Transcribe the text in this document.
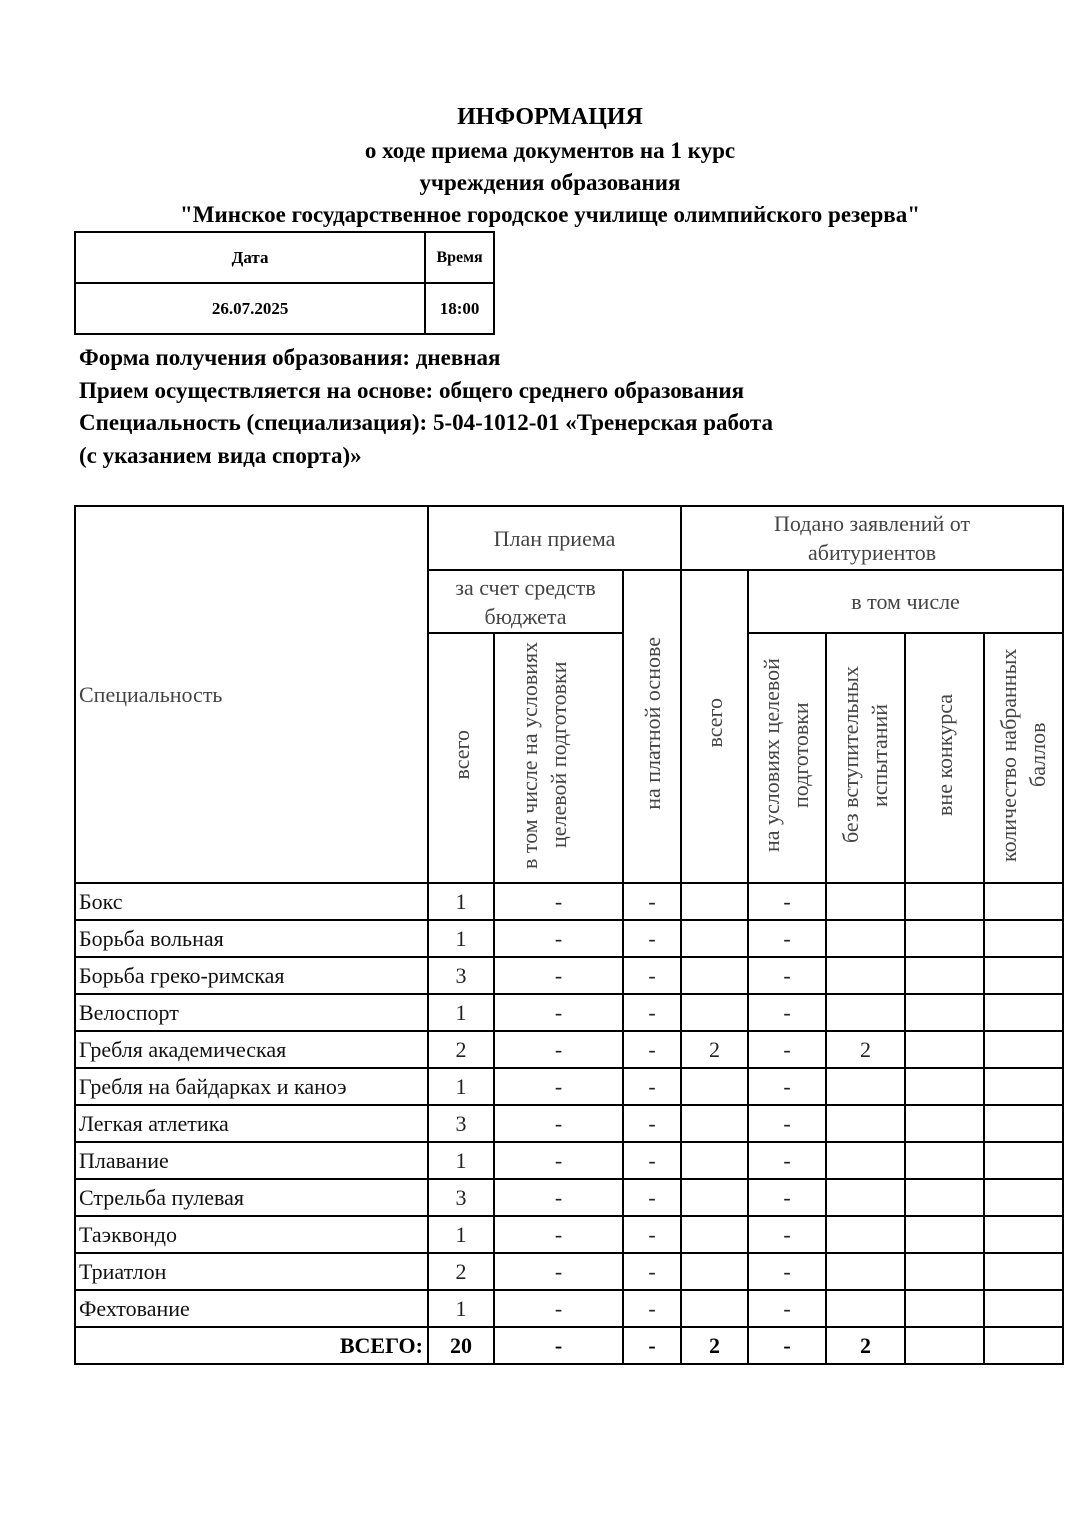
ИНФОРМАЦИЯ
о ходе приема документов на 1 курс
учреждения образования
"Минское государственное городское училище олимпийского резерва"
Дата	Время
26.07.2025	18:00
Форма получения образования: дневная
Прием осуществляется на основе: общего среднего образования
Специальность (специализация): 5-04-1012-01 «Тренерская работа
(с указанием вида спорта)»
Специальность	План приема			Подано заявлений от абитуриентов				
	за счет средств бюджета		на платной основе	всего	в том числе			
	всего	в том числе на условиях целевой подготовки			на условиях целевой подготовки	без вступительных испытаний	вне конкурса	количество набранных баллов
Бокс	1	-	-		-			
Борьба вольная	1	-	-		-			
Борьба греко-римская	3	-	-		-			
Велоспорт	1	-	-		-			
Гребля академическая	2	-	-	2	-	2		
Гребля на байдарках и каноэ	1	-	-		-			
Легкая атлетика	3	-	-		-			
Плавание	1	-	-		-			
Стрельба пулевая	3	-	-		-			
Таэквондо	1	-	-		-			
Триатлон	2	-	-		-			
Фехтование	1	-	-		-			
ВСЕГО:	20	-	-	2	-	2		
